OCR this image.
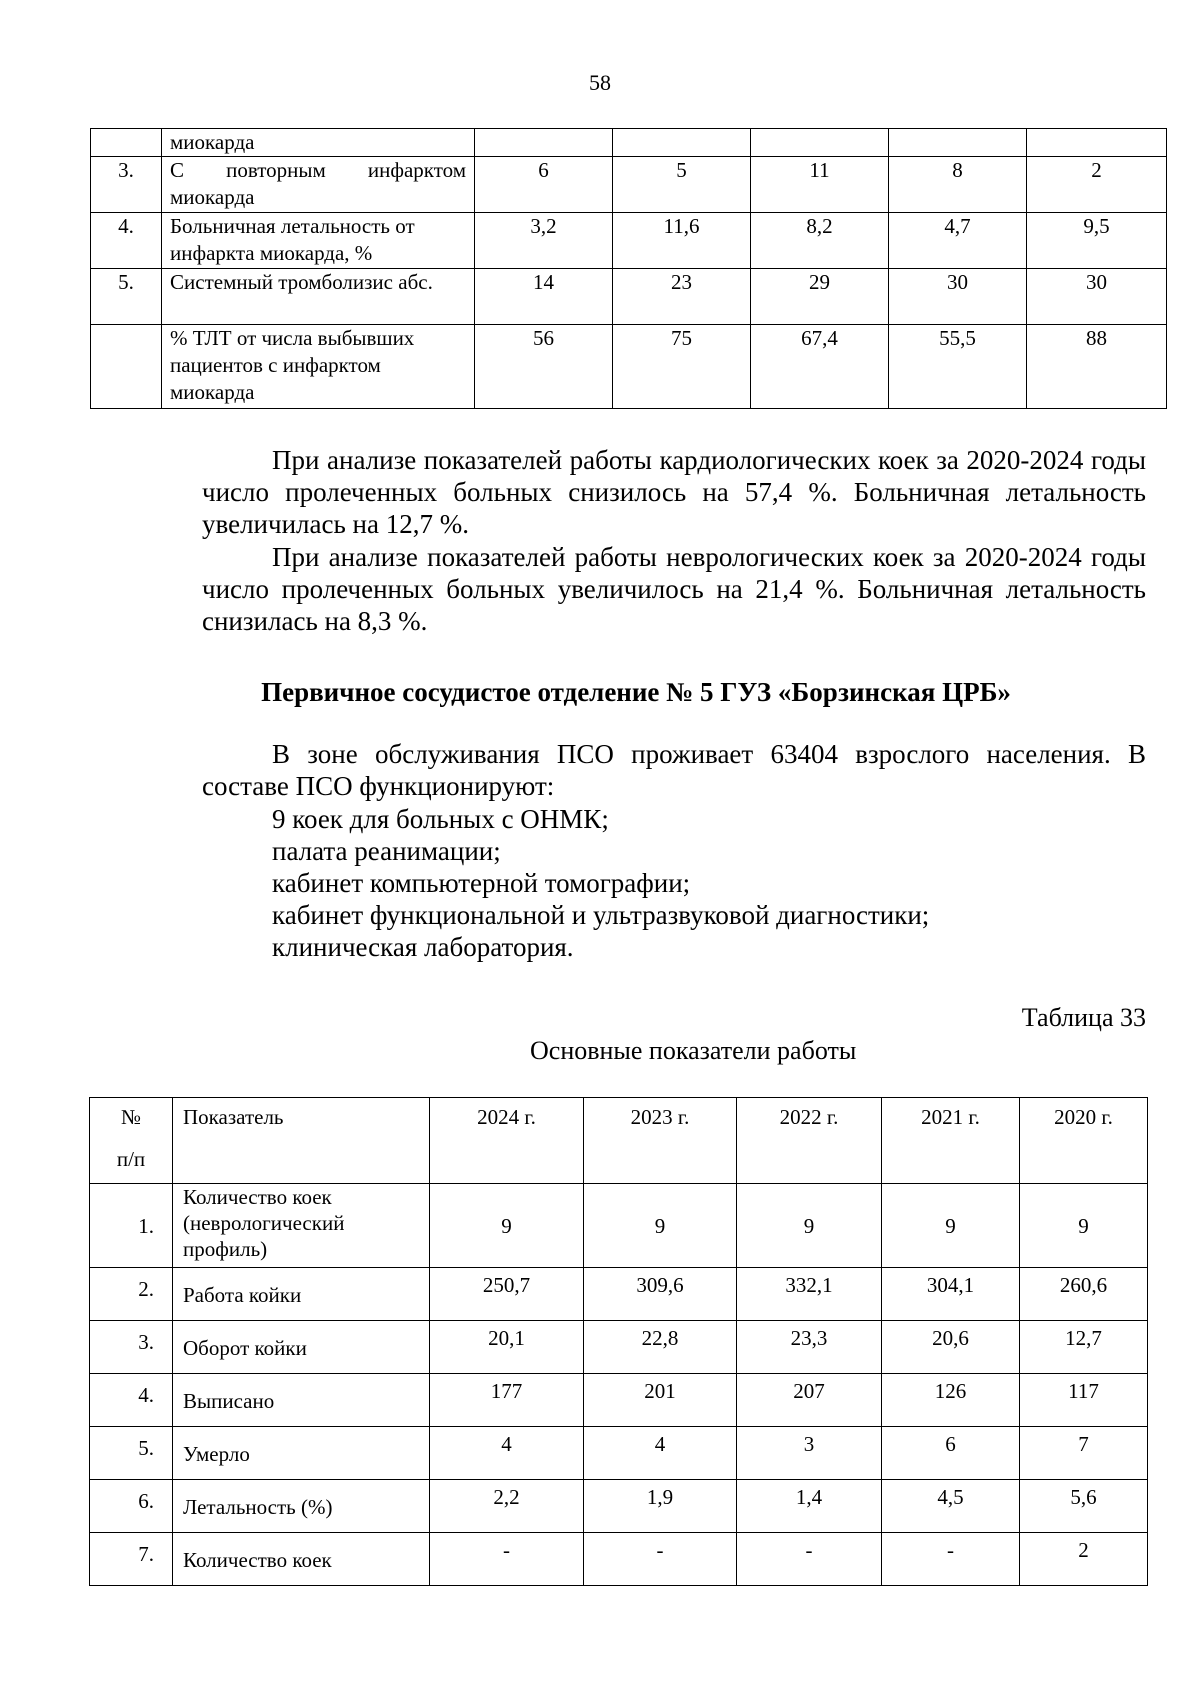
58
	миокарда					
3.	С повторным инфарктом миокарда	6	5	11	8	2
4.	Больничная летальность от инфаркта миокарда, %	3,2	11,6	8,2	4,7	9,5
5.	Системный тромболизис абс.	14	23	29	30	30
	% ТЛТ от числа выбывших пациентов с инфарктом миокарда	56	75	67,4	55,5	88
При анализе показателей работы кардиологических коек за 2020-2024 годы число пролеченных больных снизилось на 57,4 %. Больничная летальность увеличилась на 12,7 %.
При анализе показателей работы неврологических коек за 2020-2024 годы число пролеченных больных увеличилось на 21,4 %. Больничная летальность снизилась на 8,3 %.
Первичное сосудистое отделение № 5 ГУЗ «Борзинская ЦРБ»
В зоне обслуживания ПСО проживает 63404 взрослого населения. В составе ПСО функционируют:
9 коек для больных с ОНМК;
палата реанимации;
кабинет компьютерной томографии;
кабинет функциональной и ультразвуковой диагностики;
клиническая лаборатория.
Таблица 33
Основные показатели работы
№
п/п	Показатель	2024 г.	2023 г.	2022 г.	2021 г.	2020 г.
1.	Количество коек (неврологический профиль)	9	9	9	9	9
2.	Работа койки	250,7	309,6	332,1	304,1	260,6
3.	Оборот койки	20,1	22,8	23,3	20,6	12,7
4.	Выписано	177	201	207	126	117
5.	Умерло	4	4	3	6	7
6.	Летальность (%)	2,2	1,9	1,4	4,5	5,6
7.	Количество коек	-	-	-	-	2
